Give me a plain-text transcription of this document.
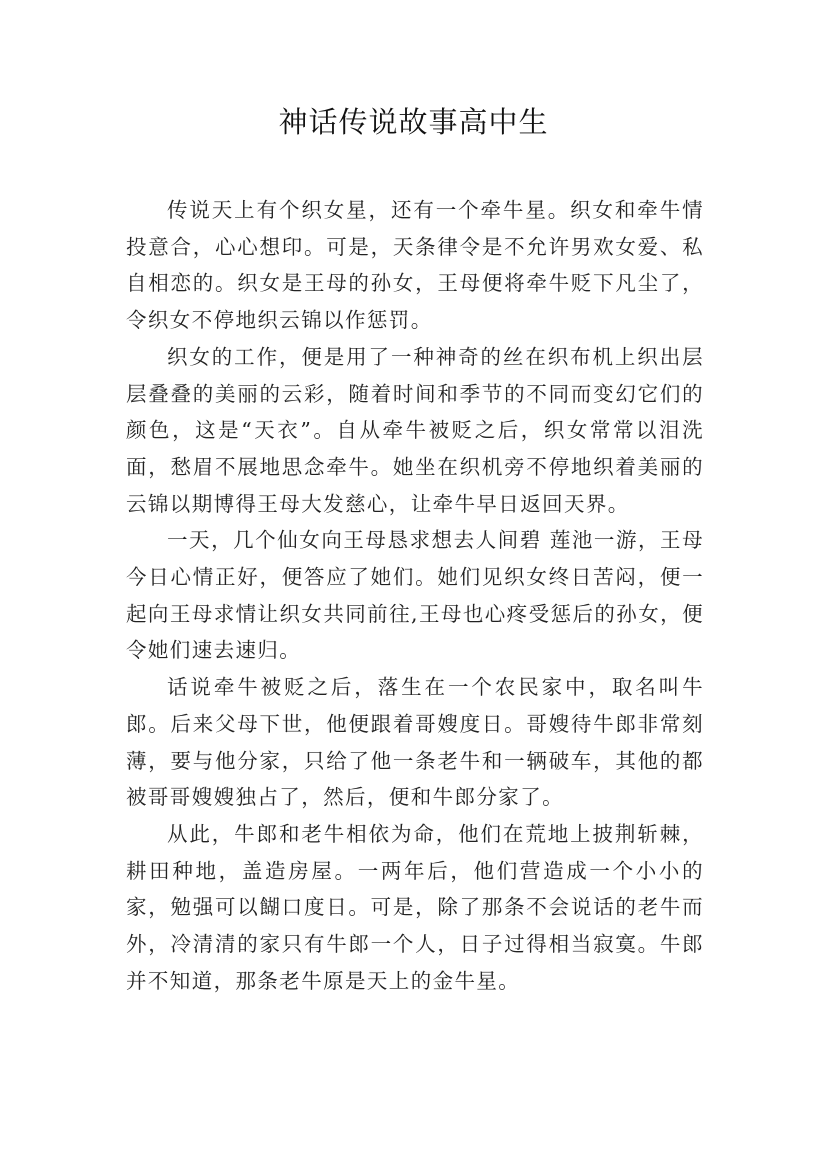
神话传说故事高中生

传说天上有个织女星，还有一个牵牛星。织女和牵牛情投意合，心心想印。可是，天条律令是不允许男欢女爱、私自相恋的。织女是王母的孙女，王母便将牵牛贬下凡尘了，令织女不停地织云锦以作惩罚。

织女的工作，便是用了一种神奇的丝在织布机上织出层层叠叠的美丽的云彩，随着时间和季节的不同而变幻它们的颜色，这是“天衣”。自从牵牛被贬之后，织女常常以泪洗面，愁眉不展地思念牵牛。她坐在织机旁不停地织着美丽的云锦以期博得王母大发慈心，让牵牛早日返回天界。

一天，几个仙女向王母恳求想去人间碧 莲池一游，王母今日心情正好，便答应了她们。她们见织女终日苦闷，便一起向王母求情让织女共同前往,王母也心疼受惩后的孙女，便令她们速去速归。

话说牵牛被贬之后，落生在一个农民家中，取名叫牛郎。后来父母下世，他便跟着哥嫂度日。哥嫂待牛郎非常刻薄，要与他分家，只给了他一条老牛和一辆破车，其他的都被哥哥嫂嫂独占了，然后，便和牛郎分家了。

从此，牛郎和老牛相依为命，他们在荒地上披荆斩棘，耕田种地，盖造房屋。一两年后，他们营造成一个小小的家，勉强可以餬口度日。可是，除了那条不会说话的老牛而外，冷清清的家只有牛郎一个人，日子过得相当寂寞。牛郎并不知道，那条老牛原是天上的金牛星。
